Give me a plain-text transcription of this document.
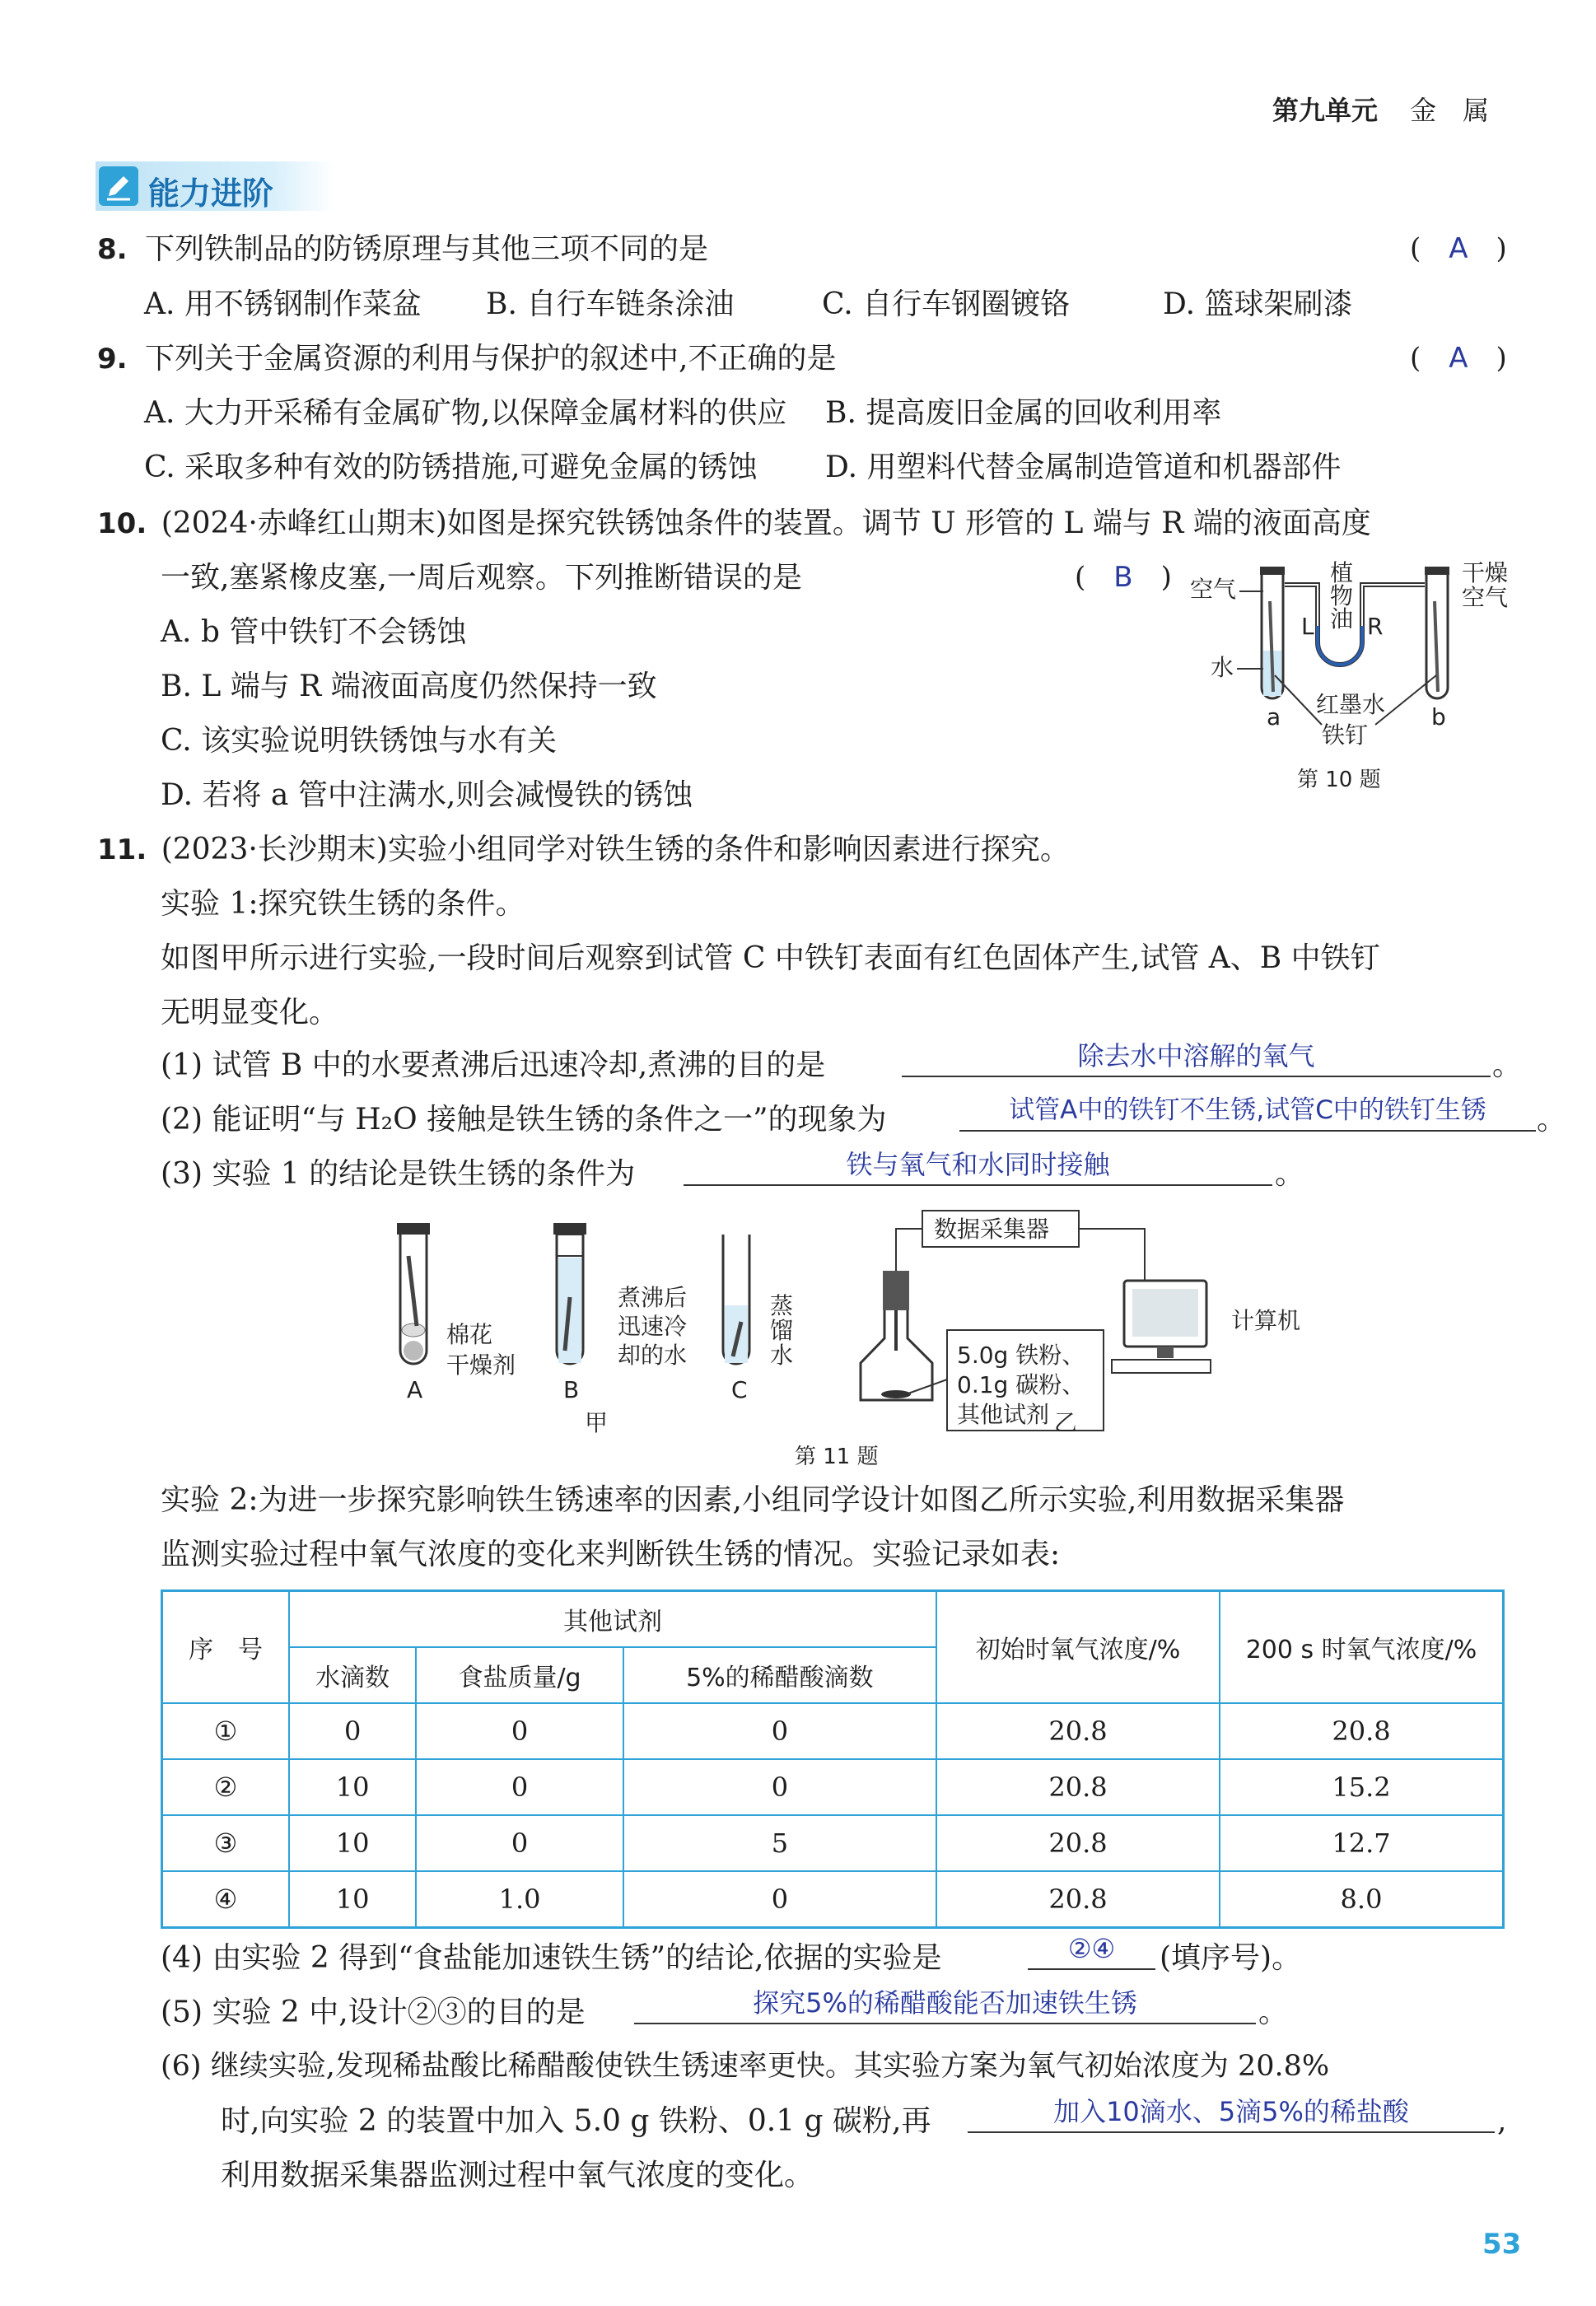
第九单元 金　属
能力进阶
8. 下列铁制品的防锈原理与其他三项不同的是	(　A　)
A. 用不锈钢制作菜盆 B. 自行车链条涂油	C. 自行车钢圈镀铬	D. 篮球架刷漆
9. 下列关于金属资源的利用与保护的叙述中,不正确的是	(　A　)
A. 大力开采稀有金属矿物,以保障金属材料的供应 B. 提高废旧金属的回收利用率
C. 采取多种有效的防锈措施,可避免金属的锈蚀 D. 用塑料代替金属制造管道和机器部件
10. (2024·赤峰红山期末)如图是探究铁锈蚀条件的装置。调节 U 形管的 L 端与 R 端的液面高度
一致,塞紧橡皮塞,一周后观察。下列推断错误的是	(　B　)
A. b 管中铁钉不会锈蚀
B. L 端与 R 端液面高度仍然保持一致
C. 该实验说明铁锈蚀与水有关
D. 若将 a 管中注满水,则会减慢铁的锈蚀
空气
植
物
油
干燥
空气
L R
水
a	b
红墨水
铁钉
第 10 题
11. (2023·长沙期末)实验小组同学对铁生锈的条件和影响因素进行探究。
实验 1:探究铁生锈的条件。
如图甲所示进行实验,一段时间后观察到试管 C 中铁钉表面有红色固体产生,试管 A、B 中铁钉
无明显变化。
(1) 试管 B 中的水要煮沸后迅速冷却,煮沸的目的是	除去水中溶解的氧气	。
(2) 能证明“与 H₂O 接触是铁生锈的条件之一”的现象为	试管A中的铁钉不生锈,试管C中的铁钉生锈	。
(3) 实验 1 的结论是铁生锈的条件为	铁与氧气和水同时接触	。
棉花
干燥剂
A
煮沸后
迅速冷
却的水
B
蒸
馏
水
C
甲
数据采集器
5.0g 铁粉、
0.1g 碳粉、
其他试剂
计算机
乙
第 11 题
实验 2:为进一步探究影响铁生锈速率的因素,小组同学设计如图乙所示实验,利用数据采集器
监测实验过程中氧气浓度的变化来判断铁生锈的情况。实验记录如表:
序　号	其他试剂			初始时氧气浓度/%	200 s 时氧气浓度/%
	水滴数	食盐质量/g	5%的稀醋酸滴数		
①	0	0	0	20.8	20.8
②	10	0	0	20.8	15.2
③	10	0	5	20.8	12.7
④	10	1.0	0	20.8	8.0
(4) 由实验 2 得到“食盐能加速铁生锈”的结论,依据的实验是	②④	(填序号)。
(5) 实验 2 中,设计②③的目的是	探究5%的稀醋酸能否加速铁生锈	。
(6) 继续实验,发现稀盐酸比稀醋酸使铁生锈速率更快。其实验方案为氧气初始浓度为 20.8%
时,向实验 2 的装置中加入 5.0 g 铁粉、0.1 g 碳粉,再	加入10滴水、5滴5%的稀盐酸	,
利用数据采集器监测过程中氧气浓度的变化。
53
